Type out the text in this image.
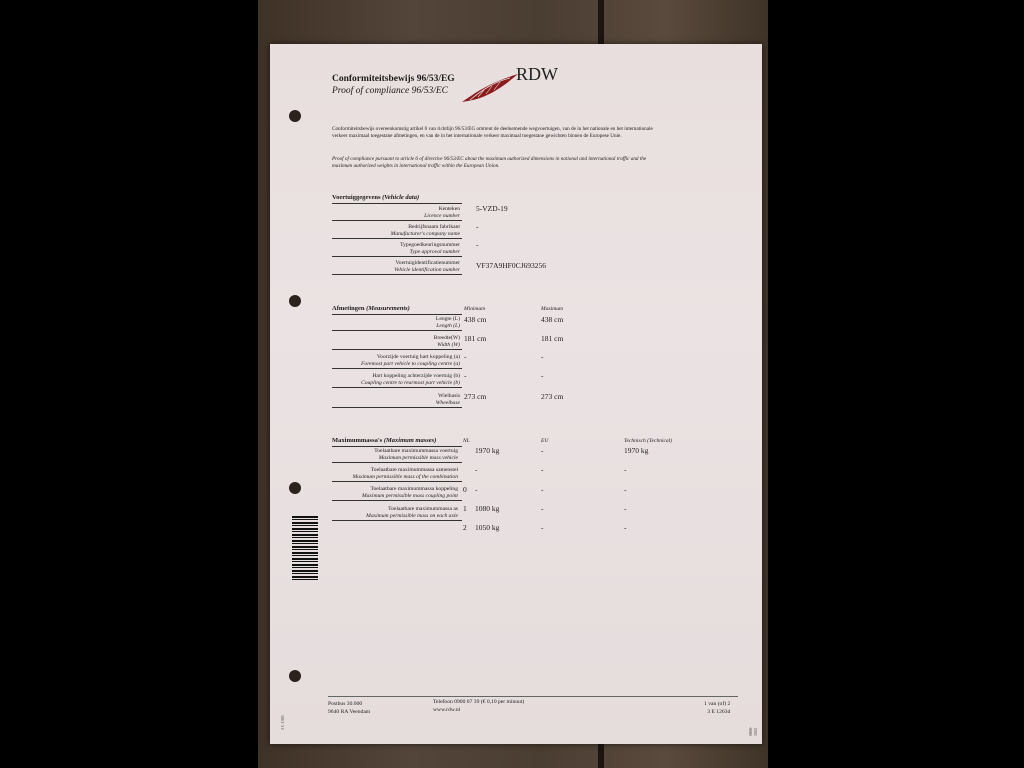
Conformiteitsbewijs 96/53/EG
Proof of compliance 96/53/EC
RDW
Conformiteitsbewijs overeenkomstig artikel 6 van richtlijn 96/53/EG omtrent de deelnemende wegvoertuigen, van de in het nationale en het internationale verkeer maximaal toegestane afmetingen, en van de in het internationale verkeer maximaal toegestane gewichten binnen de Europese Unie.
Proof of compliance pursuant to article 6 of directive 96/53/EC about the maximum authorized dimensions in national and international traffic and the maximum authorized weights in international traffic within the European Union.
Voertuiggegevens (Vehicle data)
Kenteken
Licence number
5-VZD-19
Bedrijfsnaam fabrikant
Manufacturer's company name
-
Typegoedkeuringsnummer
Type approval number
-
Voertuigidentificatienummer
Vehicle identification number VF37A9HF0CJ693256
Afmetingen (Measurements)	Minimum	Maximum
Lengte (L)
Length (L)
438 cm	438 cm
Breedte(W)
Width (W)
181 cm	181 cm
Voorzijde voertuig hart koppeling (a)
Foremost part vehicle to coupling centre (a)
-	-
Hart koppeling achterzijde voertuig (b)
Coupling centre to rearmost part vehicle (b)
-	-
Wielbasis
Wheelbase
273 cm	273 cm
Maximummassa's (Maximum masses)	NL	EU	Technisch (Technical)
Toelaatbare maximummassa voertuig
Maximum permissible mass vehicle
1970 kg	-	1970 kg
Toelaatbare maximummassa samenstel
Maximum permissible mass of the combination
-	-	-
Toelaatbare maximummassa koppeling
Maximum permissible mass coupling point
0 -	-	-
Toelaatbare maximummassa as
Maximum permissible mass on each axle
1 1080 kg	-	-
2 1050 kg	-	-
Postbus 30.000
9640 RA Veendam
Telefoon 0900 07 39 (€ 0,10 per minuut)
www.rdw.nl
1 van (of) 2
3 E 1263d
3 C 1385
0806-1002
